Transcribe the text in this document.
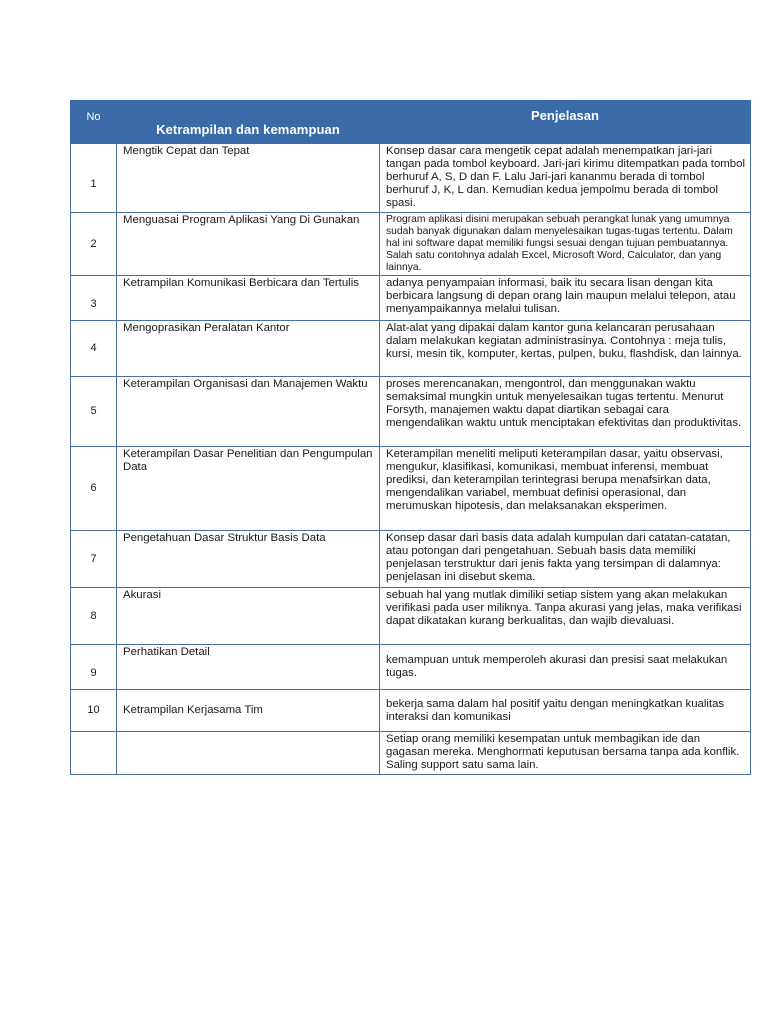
No	Ketrampilan dan kemampuan	Penjelasan
1	Mengtik Cepat dan Tepat	Konsep dasar cara mengetik cepat adalah menempatkan jari-jari tangan pada tombol keyboard. Jari-jari kirimu ditempatkan pada tombol berhuruf A, S, D dan F. Lalu Jari-jari kananmu berada di tombol berhuruf J, K, L dan. Kemudian kedua jempolmu berada di tombol spasi.
2	Menguasai Program Aplikasi Yang Di Gunakan	Program aplikasi disini merupakan sebuah perangkat lunak yang umumnya sudah banyak digunakan dalam menyelesaikan tugas-tugas tertentu. Dalam hal ini software dapat memiliki fungsi sesuai dengan tujuan pembuatannya. Salah satu contohnya adalah Excel, Microsoft Word, Calculator, dan yang lainnya.
3	Ketrampilan Komunikasi Berbicara dan Tertulis	adanya penyampaian informasi, baik itu secara lisan dengan kita berbicara langsung di depan orang lain maupun melalui telepon, atau menyampaikannya melalui tulisan.
4	Mengoprasikan Peralatan Kantor	Alat-alat yang dipakai dalam kantor guna kelancaran perusahaan dalam melakukan kegiatan administrasinya. Contohnya : meja tulis, kursi, mesin tik, komputer, kertas, pulpen, buku, flashdisk, dan lainnya.
5	Keterampilan Organisasi dan Manajemen Waktu	proses merencanakan, mengontrol, dan menggunakan waktu semaksimal mungkin untuk menyelesaikan tugas tertentu. Menurut Forsyth, manajemen waktu dapat diartikan sebagai cara mengendalikan waktu untuk menciptakan efektivitas dan produktivitas.
6	Keterampilan Dasar Penelitian dan Pengumpulan Data	Keterampilan meneliti meliputi keterampilan dasar, yaitu observasi, mengukur, klasifikasi, komunikasi, membuat inferensi, membuat prediksi, dan keterampilan terintegrasi berupa menafsirkan data, mengendalikan variabel, membuat definisi operasional, dan merumuskan hipotesis, dan melaksanakan eksperimen.
7	Pengetahuan Dasar Struktur Basis Data	Konsep dasar dari basis data adalah kumpulan dari catatan-catatan, atau potongan dari pengetahuan. Sebuah basis data memiliki penjelasan terstruktur dari jenis fakta yang tersimpan di dalamnya: penjelasan ini disebut skema.
8	Akurasi	sebuah hal yang mutlak dimiliki setiap sistem yang akan melakukan verifikasi pada user miliknya. Tanpa akurasi yang jelas, maka verifikasi dapat dikatakan kurang berkualitas, dan wajib dievaluasi.
9	Perhatikan Detail	kemampuan untuk memperoleh akurasi dan presisi saat melakukan tugas.
10	Ketrampilan Kerjasama Tim	bekerja sama dalam hal positif yaitu dengan meningkatkan kualitas interaksi dan komunikasi
		Setiap orang memiliki kesempatan untuk membagikan ide dan gagasan mereka. Menghormati keputusan bersama tanpa ada konflik. Saling support satu sama lain.
